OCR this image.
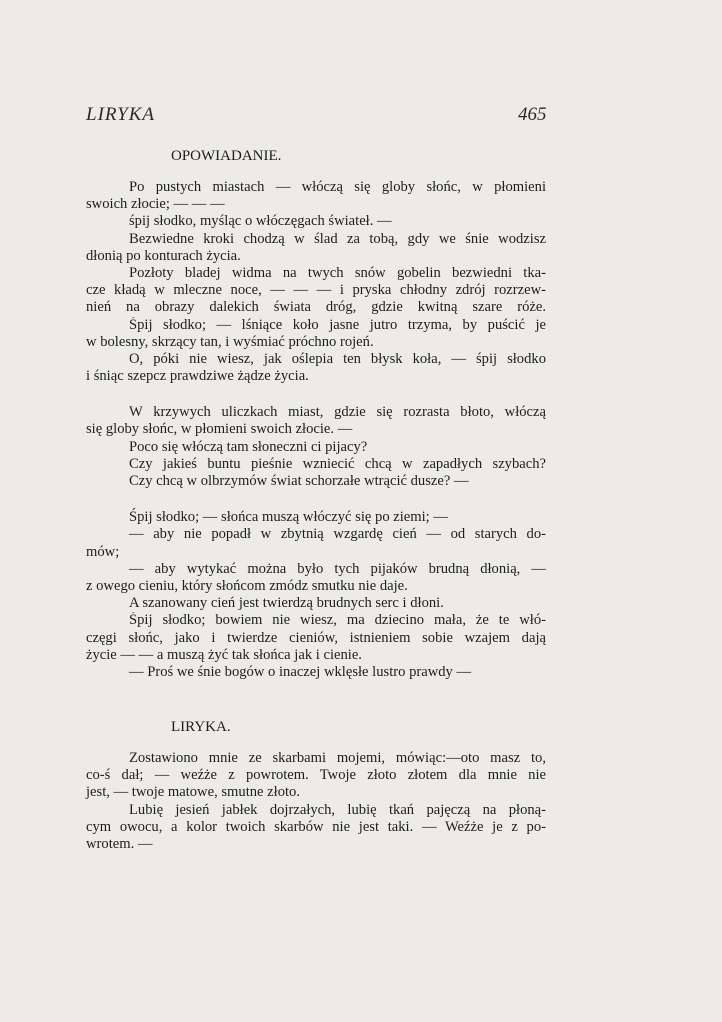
LIRYKA	465
OPOWIADANIE.
Po pustych miastach — włóczą się globy słońc, w płomieni
swoich złocie; — — —
śpij słodko, myśląc o włóczęgach świateł. —
Bezwiedne kroki chodzą w ślad za tobą, gdy we śnie wodzisz
dłonią po konturach życia.
Pozłoty bladej widma na twych snów gobelin bezwiedni tka-
cze kładą w mleczne noce, — — — i pryska chłodny zdrój rozrzew-
nień na obrazy dalekich świata dróg, gdzie kwitną szare róże.
Śpij słodko; — lśniące koło jasne jutro trzyma, by puścić je
w bolesny, skrzący tan, i wyśmiać próchno rojeń.
O, póki nie wiesz, jak oślepia ten błysk koła, — śpij słodko
i śniąc szepcz prawdziwe żądze życia.
W krzywych uliczkach miast, gdzie się rozrasta błoto, włóczą
się globy słońc, w płomieni swoich złocie. —
Poco się włóczą tam słoneczni ci pijacy?
Czy jakieś buntu pieśnie wzniecić chcą w zapadłych szybach?
Czy chcą w olbrzymów świat schorzałe wtrącić dusze? —
Śpij słodko; — słońca muszą włóczyć się po ziemi; —
— aby nie popadł w zbytnią wzgardę cień — od starych do-
mów;
— aby wytykać można było tych pijaków brudną dłonią, —
z owego cieniu, który słońcom zmódz smutku nie daje.
A szanowany cień jest twierdzą brudnych serc i dłoni.
Śpij słodko; bowiem nie wiesz, ma dziecino mała, że te włó-
częgi słońc, jako i twierdze cieniów, istnieniem sobie wzajem dają
życie — — a muszą żyć tak słońca jak i cienie.
— Proś we śnie bogów o inaczej wklęsłe lustro prawdy —
LIRYKA.
Zostawiono mnie ze skarbami mojemi, mówiąc:—oto masz to,
co-ś dał; — weźże z powrotem. Twoje złoto złotem dla mnie nie
jest, — twoje matowe, smutne złoto.
Lubię jesień jabłek dojrzałych, lubię tkań pajęczą na płoną-
cym owocu, a kolor twoich skarbów nie jest taki. — Weźże je z po-
wrotem. —
